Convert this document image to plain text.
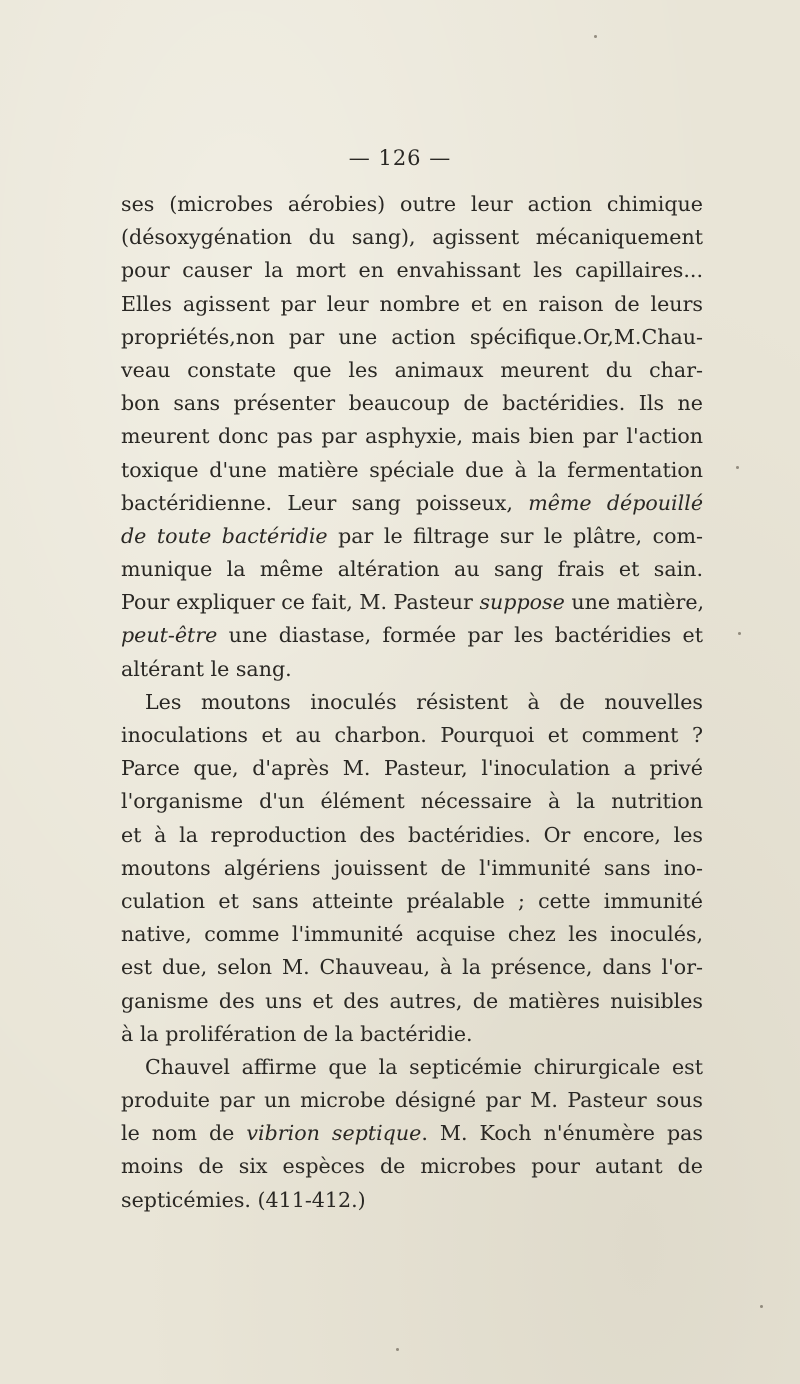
— 126 —
ses (microbes aérobies) outre leur action chimique
(désoxygénation du sang), agissent mécaniquement
pour causer la mort en envahissant les capillaires...
Elles agissent par leur nombre et en raison de leurs
propriétés,non par une action spécifique.Or,M.Chau-
veau constate que les animaux meurent du char-
bon sans présenter beaucoup de bactéridies. Ils ne
meurent donc pas par asphyxie, mais bien par l'action
toxique d'une matière spéciale due à la fermentation
bactéridienne. Leur sang poisseux, même dépouillé
de toute bactéridie par le filtrage sur le plâtre, com-
munique la même altération au sang frais et sain.
Pour expliquer ce fait, M. Pasteur suppose une matière,
peut-être une diastase, formée par les bactéridies et
altérant le sang.
Les moutons inoculés résistent à de nouvelles
inoculations et au charbon. Pourquoi et comment ?
Parce que, d'après M. Pasteur, l'inoculation a privé
l'organisme d'un élément nécessaire à la nutrition
et à la reproduction des bactéridies. Or encore, les
moutons algériens jouissent de l'immunité sans ino-
culation et sans atteinte préalable ; cette immunité
native, comme l'immunité acquise chez les inoculés,
est due, selon M. Chauveau, à la présence, dans l'or-
ganisme des uns et des autres, de matières nuisibles
à la prolifération de la bactéridie.
Chauvel affirme que la septicémie chirurgicale est
produite par un microbe désigné par M. Pasteur sous
le nom de vibrion septique. M. Koch n'énumère pas
moins de six espèces de microbes pour autant de
septicémies. (411-412.)
